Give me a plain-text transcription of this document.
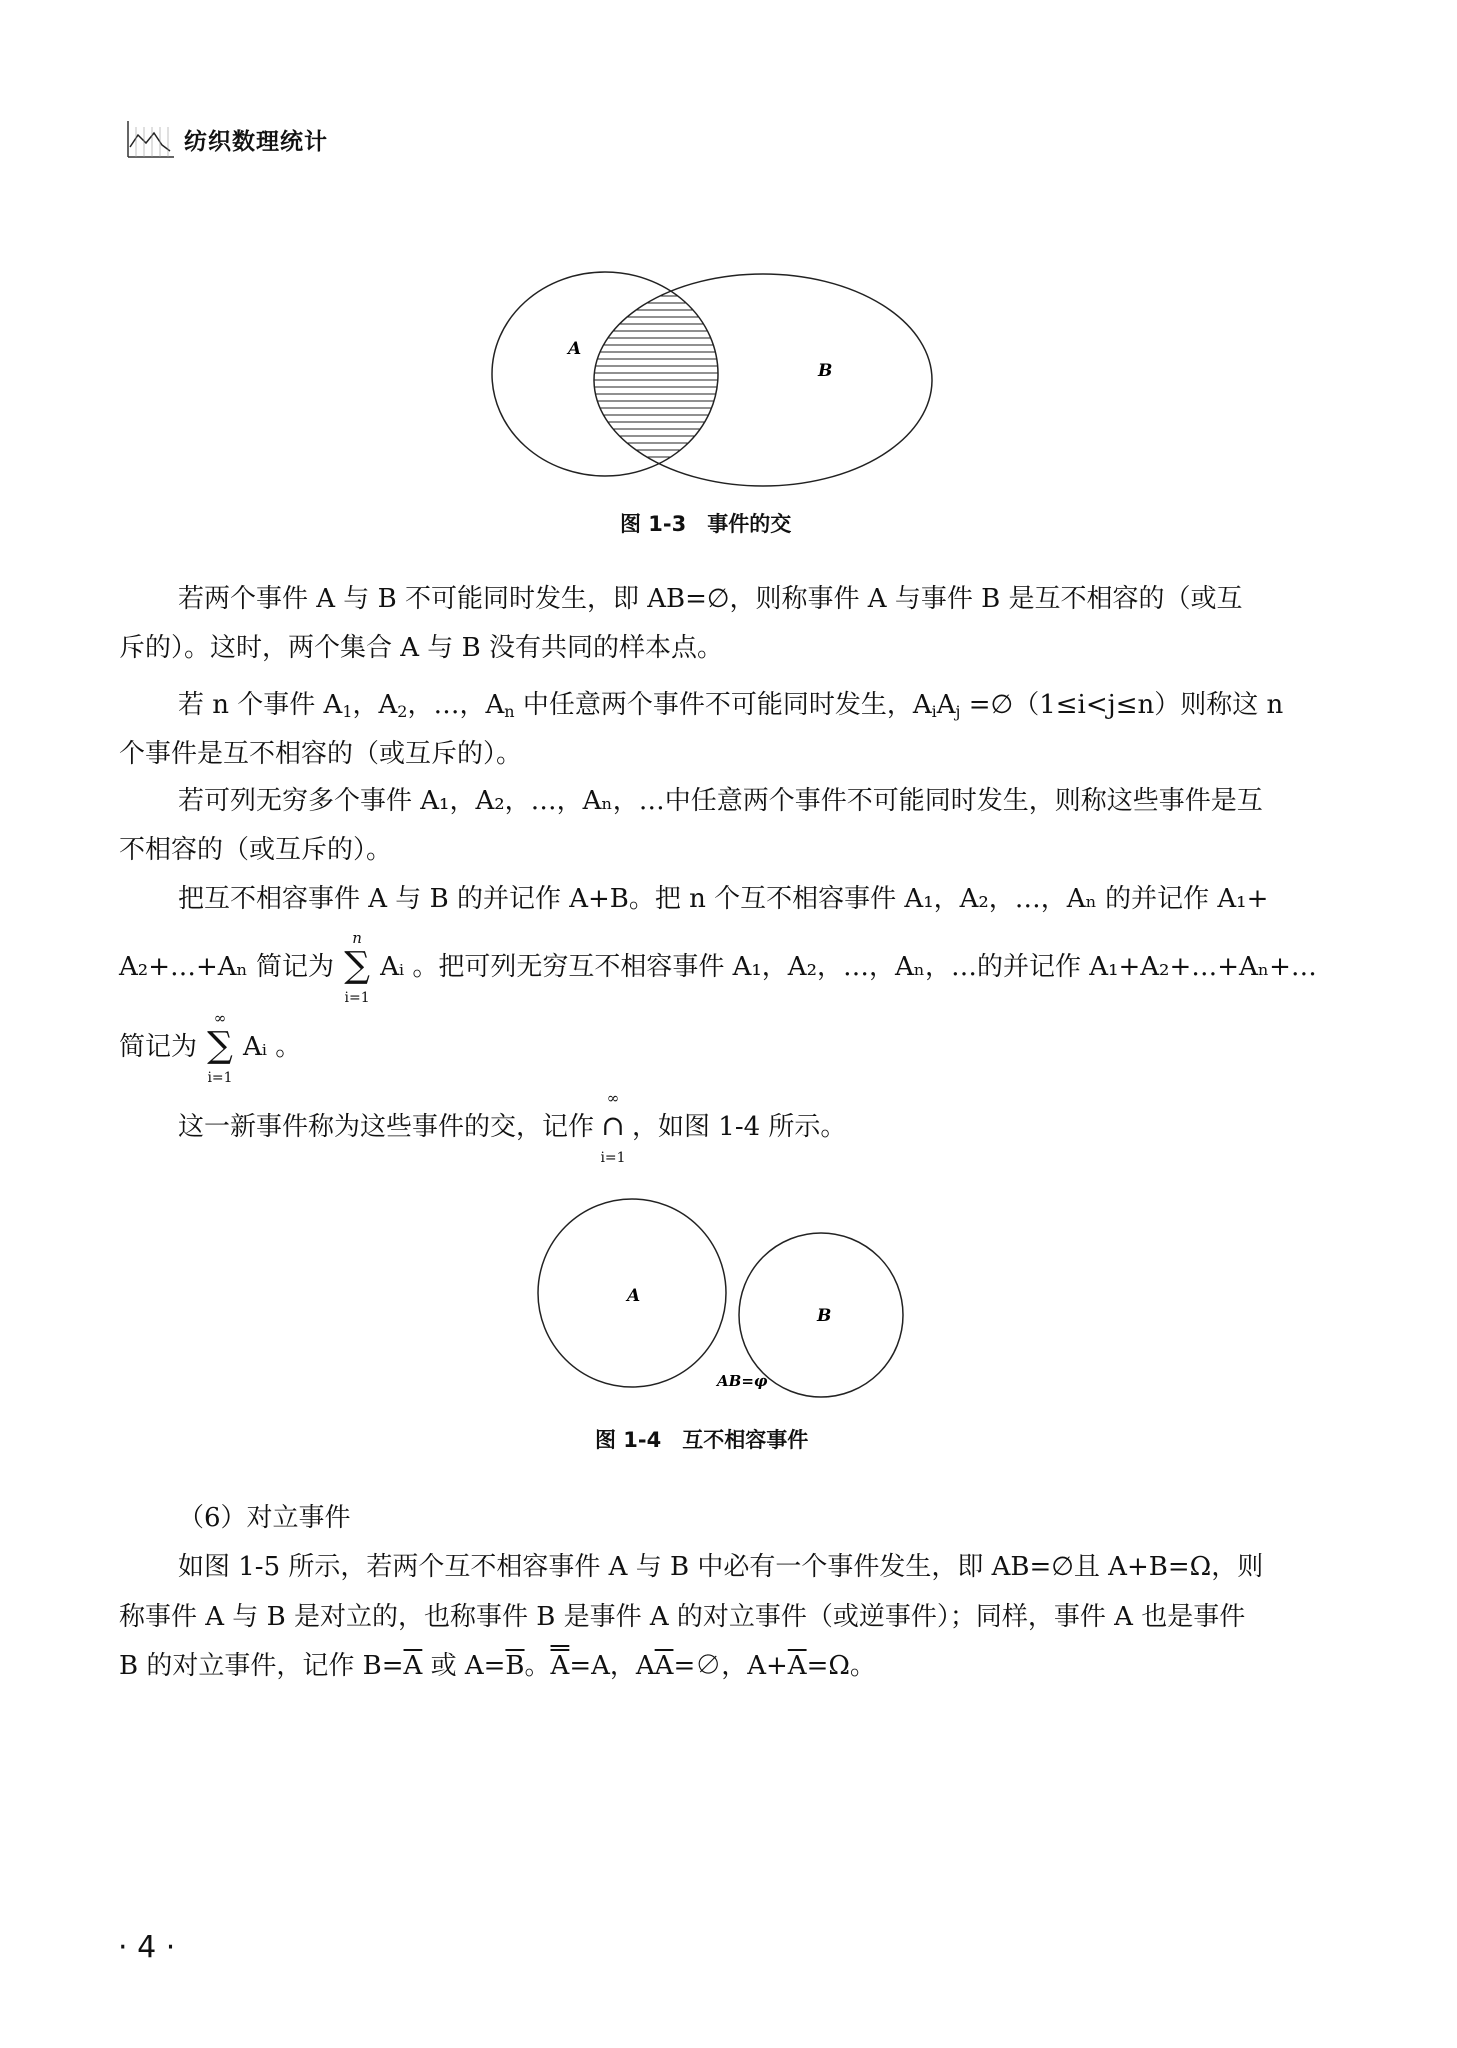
纺织数理统计
A
B
图 1-3　事件的交
若两个事件 A 与 B 不可能同时发生，即 AB=∅，则称事件 A 与事件 B 是互不相容的（或互
斥的）。这时，两个集合 A 与 B 没有共同的样本点。
若 n 个事件 $A_1$，$A_2$，…，$A_n$ 中任意两个事件不可能同时发生，$A_iA_j$ =∅（1≤i<j≤n）则称这 n
个事件是互不相容的（或互斥的）。
若可列无穷多个事件 A₁，A₂，…，Aₙ，…中任意两个事件不可能同时发生，则称这些事件是互
不相容的（或互斥的）。
把互不相容事件 A 与 B 的并记作 A+B。把 n 个互不相容事件 A₁，A₂，…，Aₙ 的并记作 A₁+
A₂+…+Aₙ 简记为
n
∑
i=1
Aᵢ 。把可列无穷互不相容事件 A₁，A₂，…，Aₙ，…的并记作 A₁+A₂+…+Aₙ+…
简记为
∞
∑
i=1
Aᵢ 。
这一新事件称为这些事件的交，记作
∞
∩
i=1
，如图 1-4 所示。
A
B
AB=φ
图 1-4　互不相容事件
（6）对立事件
如图 1-5 所示，若两个互不相容事件 A 与 B 中必有一个事件发生，即 AB=∅且 A+B=Ω，则
称事件 A 与 B 是对立的，也称事件 B 是事件 A 的对立事件（或逆事件）；同样，事件 A 也是事件
B 的对立事件，记作 $B=\overline{A}$ 或 $A=\overline{B}$。A=A，$A\overline{A}=\emptyset$，$A+\overline{A}=\Omega$。
· 4 ·
